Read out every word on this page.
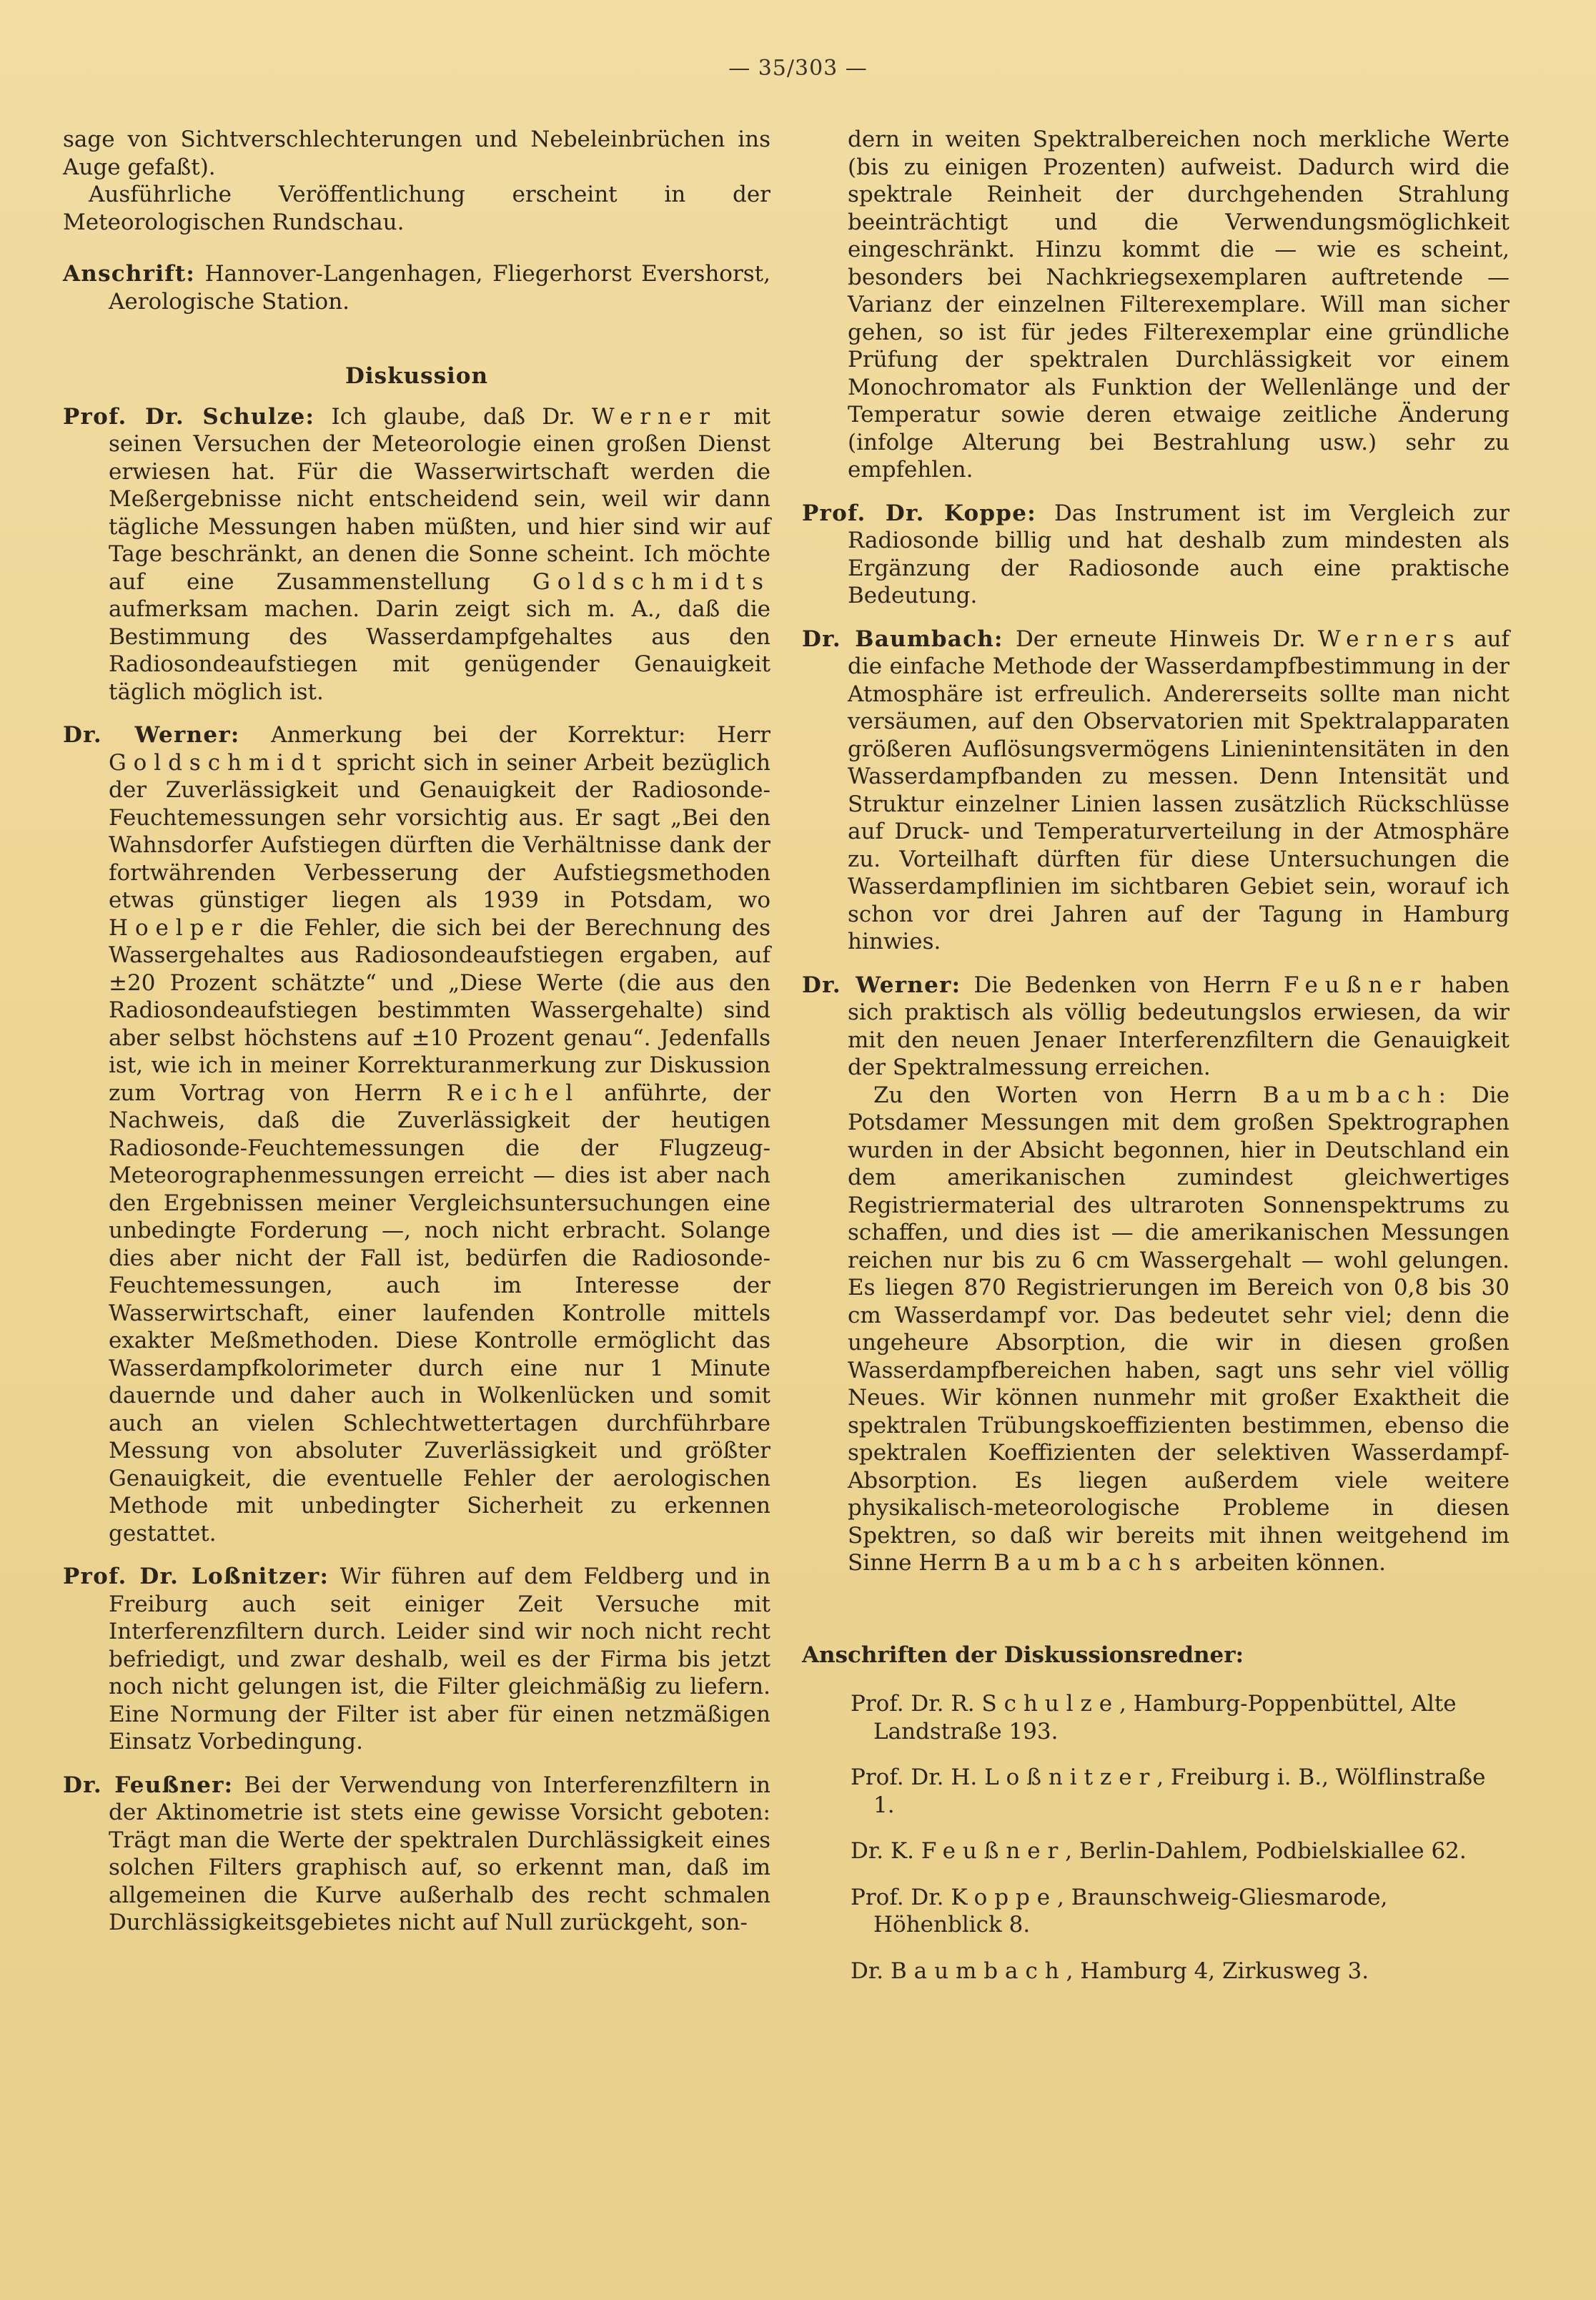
— 35/303 —

sage von Sichtverschlechterungen und Nebeleinbrüchen ins Auge gefaßt).

Ausführliche Veröffentlichung erscheint in der Meteorologischen Rundschau.

Anschrift: Hannover-Langenhagen, Fliegerhorst Evershorst, Aerologische Station.

Diskussion

Prof. Dr. Schulze: Ich glaube, daß Dr. Werner mit seinen Versuchen der Meteorologie einen großen Dienst erwiesen hat. Für die Wasserwirtschaft werden die Meßergebnisse nicht entscheidend sein, weil wir dann tägliche Messungen haben müßten, und hier sind wir auf Tage beschränkt, an denen die Sonne scheint. Ich möchte auf eine Zusammenstellung Goldschmidts aufmerksam machen. Darin zeigt sich m. A., daß die Bestimmung des Wasserdampfgehaltes aus den Radiosondeaufstiegen mit genügender Genauigkeit täglich möglich ist.

Dr. Werner: Anmerkung bei der Korrektur: Herr Goldschmidt spricht sich in seiner Arbeit bezüglich der Zuverlässigkeit und Genauigkeit der Radiosonde-Feuchtemessungen sehr vorsichtig aus. Er sagt „Bei den Wahnsdorfer Aufstiegen dürften die Verhältnisse dank der fortwährenden Verbesserung der Aufstiegsmethoden etwas günstiger liegen als 1939 in Potsdam, wo Hoelper die Fehler, die sich bei der Berechnung des Wassergehaltes aus Radiosondeaufstiegen ergaben, auf ±20 Prozent schätzte“ und „Diese Werte (die aus den Radiosondeaufstiegen bestimmten Wassergehalte) sind aber selbst höchstens auf ±10 Prozent genau“. Jedenfalls ist, wie ich in meiner Korrekturanmerkung zur Diskussion zum Vortrag von Herrn Reichel anführte, der Nachweis, daß die Zuverlässigkeit der heutigen Radiosonde-Feuchtemessungen die der Flugzeug-Meteorographenmessungen erreicht — dies ist aber nach den Ergebnissen meiner Vergleichsuntersuchungen eine unbedingte Forderung —, noch nicht erbracht. Solange dies aber nicht der Fall ist, bedürfen die Radiosonde-Feuchtemessungen, auch im Interesse der Wasserwirtschaft, einer laufenden Kontrolle mittels exakter Meßmethoden. Diese Kontrolle ermöglicht das Wasserdampfkolorimeter durch eine nur 1 Minute dauernde und daher auch in Wolkenlücken und somit auch an vielen Schlechtwettertagen durchführbare Messung von absoluter Zuverlässigkeit und größter Genauigkeit, die eventuelle Fehler der aerologischen Methode mit unbedingter Sicherheit zu erkennen gestattet.

Prof. Dr. Loßnitzer: Wir führen auf dem Feldberg und in Freiburg auch seit einiger Zeit Versuche mit Interferenzfiltern durch. Leider sind wir noch nicht recht befriedigt, und zwar deshalb, weil es der Firma bis jetzt noch nicht gelungen ist, die Filter gleichmäßig zu liefern. Eine Normung der Filter ist aber für einen netzmäßigen Einsatz Vorbedingung.

Dr. Feußner: Bei der Verwendung von Interferenzfiltern in der Aktinometrie ist stets eine gewisse Vorsicht geboten: Trägt man die Werte der spektralen Durchlässigkeit eines solchen Filters graphisch auf, so erkennt man, daß im allgemeinen die Kurve außerhalb des recht schmalen Durchlässigkeitsgebietes nicht auf Null zurückgeht, son-

dern in weiten Spektralbereichen noch merkliche Werte (bis zu einigen Prozenten) aufweist. Dadurch wird die spektrale Reinheit der durchgehenden Strahlung beeinträchtigt und die Verwendungsmöglichkeit eingeschränkt. Hinzu kommt die — wie es scheint, besonders bei Nachkriegsexemplaren auftretende — Varianz der einzelnen Filterexemplare. Will man sicher gehen, so ist für jedes Filterexemplar eine gründliche Prüfung der spektralen Durchlässigkeit vor einem Monochromator als Funktion der Wellenlänge und der Temperatur sowie deren etwaige zeitliche Änderung (infolge Alterung bei Bestrahlung usw.) sehr zu empfehlen.

Prof. Dr. Koppe: Das Instrument ist im Vergleich zur Radiosonde billig und hat deshalb zum mindesten als Ergänzung der Radiosonde auch eine praktische Bedeutung.

Dr. Baumbach: Der erneute Hinweis Dr. Werners auf die einfache Methode der Wasserdampfbestimmung in der Atmosphäre ist erfreulich. Andererseits sollte man nicht versäumen, auf den Observatorien mit Spektralapparaten größeren Auflösungsvermögens Linienintensitäten in den Wasserdampfbanden zu messen. Denn Intensität und Struktur einzelner Linien lassen zusätzlich Rückschlüsse auf Druck- und Temperaturverteilung in der Atmosphäre zu. Vorteilhaft dürften für diese Untersuchungen die Wasserdampflinien im sichtbaren Gebiet sein, worauf ich schon vor drei Jahren auf der Tagung in Hamburg hinwies.

Dr. Werner: Die Bedenken von Herrn Feußner haben sich praktisch als völlig bedeutungslos erwiesen, da wir mit den neuen Jenaer Interferenzfiltern die Genauigkeit der Spektralmessung erreichen.

Zu den Worten von Herrn Baumbach: Die Potsdamer Messungen mit dem großen Spektrographen wurden in der Absicht begonnen, hier in Deutschland ein dem amerikanischen zumindest gleichwertiges Registriermaterial des ultraroten Sonnenspektrums zu schaffen, und dies ist — die amerikanischen Messungen reichen nur bis zu 6 cm Wassergehalt — wohl gelungen. Es liegen 870 Registrierungen im Bereich von 0,8 bis 30 cm Wasserdampf vor. Das bedeutet sehr viel; denn die ungeheure Absorption, die wir in diesen großen Wasserdampfbereichen haben, sagt uns sehr viel völlig Neues. Wir können nunmehr mit großer Exaktheit die spektralen Trübungskoeffizienten bestimmen, ebenso die spektralen Koeffizienten der selektiven Wasserdampf-Absorption. Es liegen außerdem viele weitere physikalisch-meteorologische Probleme in diesen Spektren, so daß wir bereits mit ihnen weitgehend im Sinne Herrn Baumbachs arbeiten können.

Anschriften der Diskussionsredner:

Prof. Dr. R. Schulze, Hamburg-Poppenbüttel, Alte Landstraße 193.

Prof. Dr. H. Loßnitzer, Freiburg i. B., Wölflinstraße 1.

Dr. K. Feußner, Berlin-Dahlem, Podbielskiallee 62.

Prof. Dr. Koppe, Braunschweig-Gliesmarode, Höhenblick 8.

Dr. Baumbach, Hamburg 4, Zirkusweg 3.
